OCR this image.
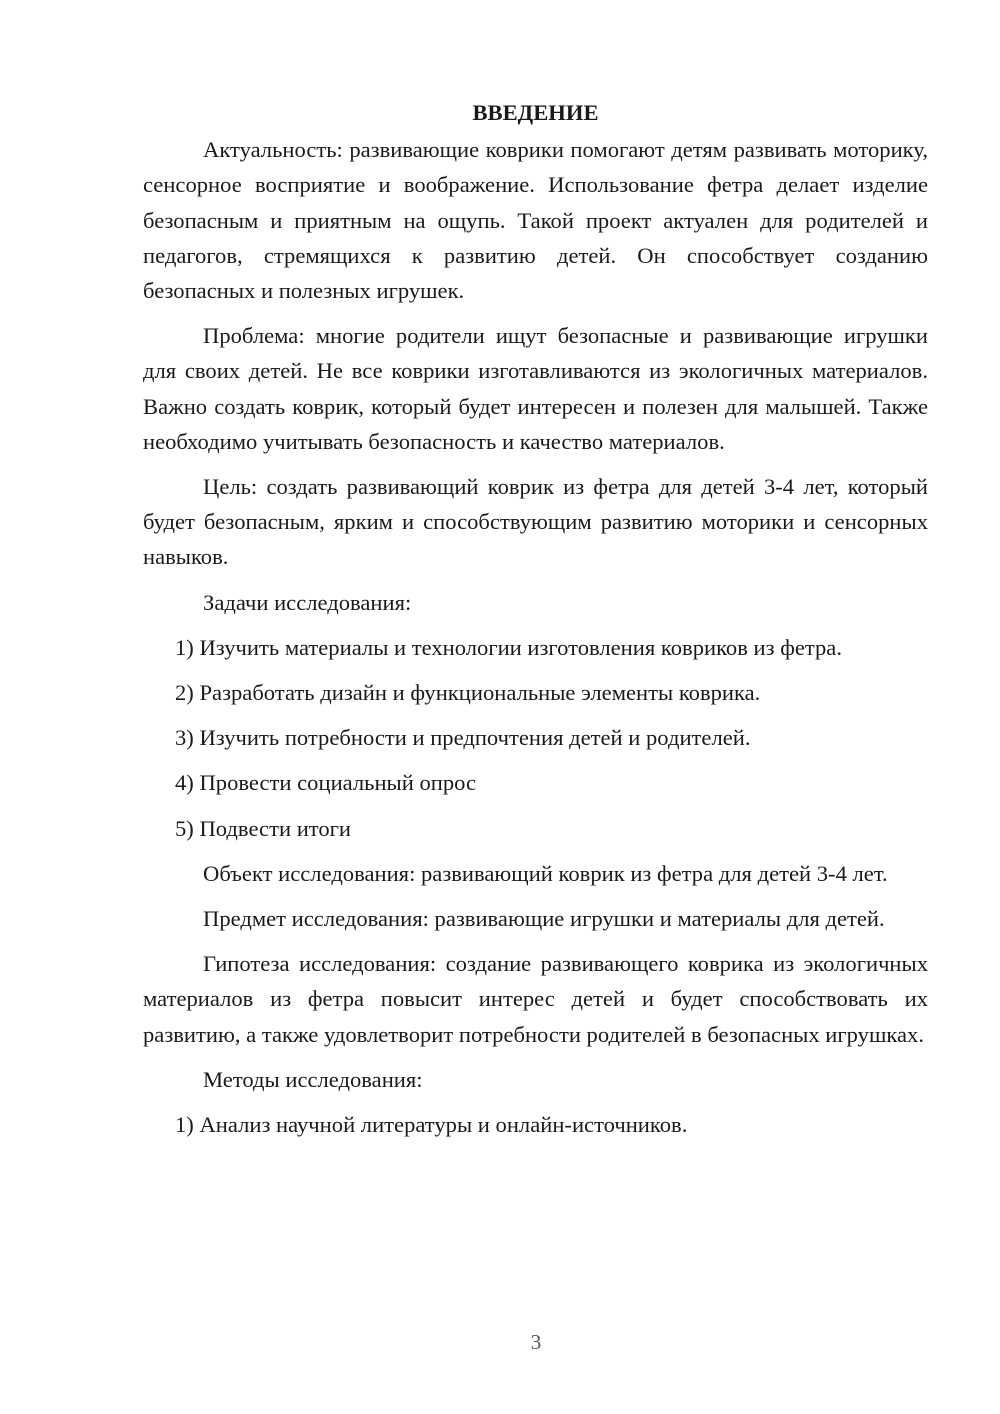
ВВЕДЕНИЕ

Актуальность: развивающие коврики помогают детям развивать моторику, сенсорное восприятие и воображение. Использование фетра делает изделие безопасным и приятным на ощупь. Такой проект актуален для родителей и педагогов, стремящихся к развитию детей. Он способствует созданию безопасных и полезных игрушек.

Проблема: многие родители ищут безопасные и развивающие игрушки для своих детей. Не все коврики изготавливаются из экологичных материалов. Важно создать коврик, который будет интересен и полезен для малышей. Также необходимо учитывать безопасность и качество материалов.

Цель: создать развивающий коврик из фетра для детей 3-4 лет, который будет безопасным, ярким и способствующим развитию моторики и сенсорных навыков.

Задачи исследования:

1) Изучить материалы и технологии изготовления ковриков из фетра.
2) Разработать дизайн и функциональные элементы коврика.
3) Изучить потребности и предпочтения детей и родителей.
4) Провести социальный опрос
5) Подвести итоги

Объект исследования: развивающий коврик из фетра для детей 3-4 лет.

Предмет исследования: развивающие игрушки и материалы для детей.

Гипотеза исследования: создание развивающего коврика из экологичных материалов из фетра повысит интерес детей и будет способствовать их развитию, а также удовлетворит потребности родителей в безопасных игрушках.

Методы исследования:

1) Анализ научной литературы и онлайн-источников.
3
